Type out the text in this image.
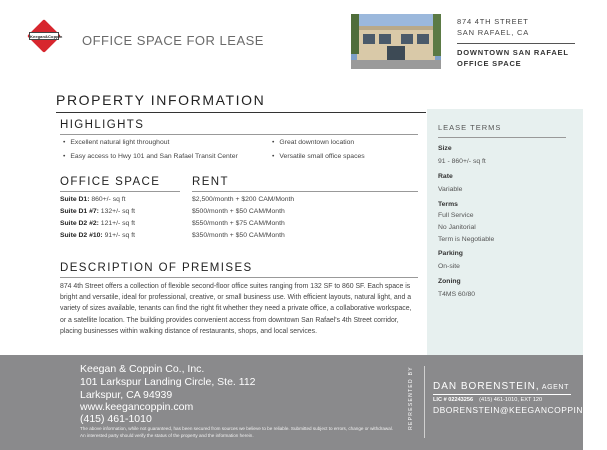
Keegan&Coppin OFFICE SPACE FOR LEASE
874 4TH STREET
SAN RAFAEL, CA
DOWNTOWN SAN RAFAEL
OFFICE SPACE
PROPERTY INFORMATION
HIGHLIGHTS
• Excellent natural light throughout
• Easy access to Hwy 101 and San Rafael Transit Center
• Great downtown location
• Versatile small office spaces
OFFICE SPACE	RENT
Suite D1: 860+/- sq ft	$2,500/month + $200 CAM/Month
Suite D1 #7: 132+/- sq ft	$500/month + $50 CAM/Month
Suite D2 #2: 121+/- sq ft	$550/month + $75 CAM/Month
Suite D2 #10: 91+/- sq ft	$350/month + $50 CAM/Month
DESCRIPTION OF PREMISES
874 4th Street offers a collection of flexible second-floor office suites ranging from 132 SF to 860 SF. Each space is bright and versatile, ideal for professional, creative, or small business use. With efficient layouts, natural light, and a variety of sizes available, tenants can find the right fit whether they need a private office, a collaborative workspace, or a satellite location. The building provides convenient access from downtown San Rafael's 4th Street corridor, placing businesses within walking distance of restaurants, shops, and local services.
LEASE TERMS
Size
91 - 860+/- sq ft
Rate
Variable
Terms
Full Service
No Janitorial
Term is Negotiable
Parking
On-site
Zoning
T4MS 60/80
Keegan & Coppin Co., Inc.
101 Larkspur Landing Circle, Ste. 112
Larkspur, CA 94939
www.keegancoppin.com
(415) 461-1010
The above information, while not guaranteed, has been secured from sources we believe to be reliable. Submitted subject to errors, change or withdrawal. An interested party should verify the status of the property and the information herein.
REPRESENTED BY DAN BORENSTEIN, AGENT
LIC # 02243256 (415) 461-1010, EXT 120
DBORENSTEIN@KEEGANCOPPIN.COM
